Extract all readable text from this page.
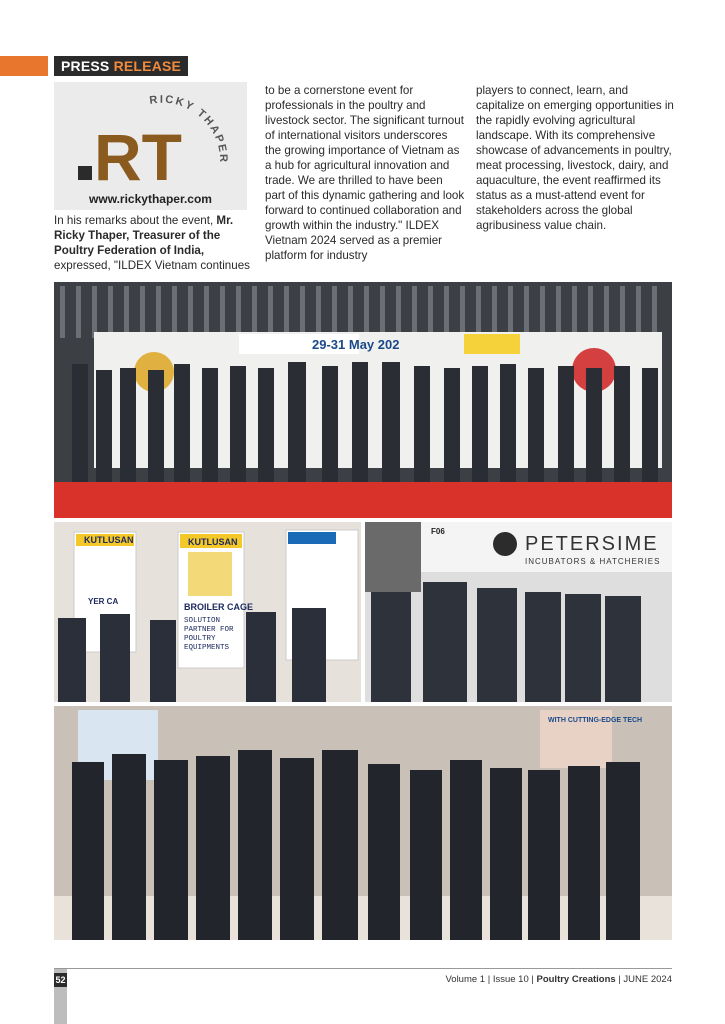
PRESS RELEASE
RT
RICKY THAPER
www.rickythaper.com

In his remarks about the event, Mr. Ricky Thaper, Treasurer of the Poultry Federation of India, expressed, "ILDEX Vietnam continues

to be a cornerstone event for professionals in the poultry and livestock sector. The significant turnout of international visitors underscores the growing importance of Vietnam as a hub for agricultural innovation and trade. We are thrilled to have been part of this dynamic gathering and look forward to continued collaboration and growth within the industry." ILDEX Vietnam 2024 served as a premier platform for industry

players to connect, learn, and capitalize on emerging opportunities in the rapidly evolving agricultural landscape. With its comprehensive showcase of advancements in poultry, meat processing, livestock, dairy, and aquaculture, the event reaffirmed its status as a must-attend event for stakeholders across the global agribusiness value chain.

29-31 May 202
KUTLUSAN
YER CA
KUTLUSAN
BROILER CAGE
SOLUTION
PARTNER FOR
POULTRY
EQUIPMENTS
F06
PETERSIME
INCUBATORS & HATCHERIES
WITH CUTTING-EDGE TECH
52	Volume 1 | Issue 10 | Poultry Creations | JUNE 2024
